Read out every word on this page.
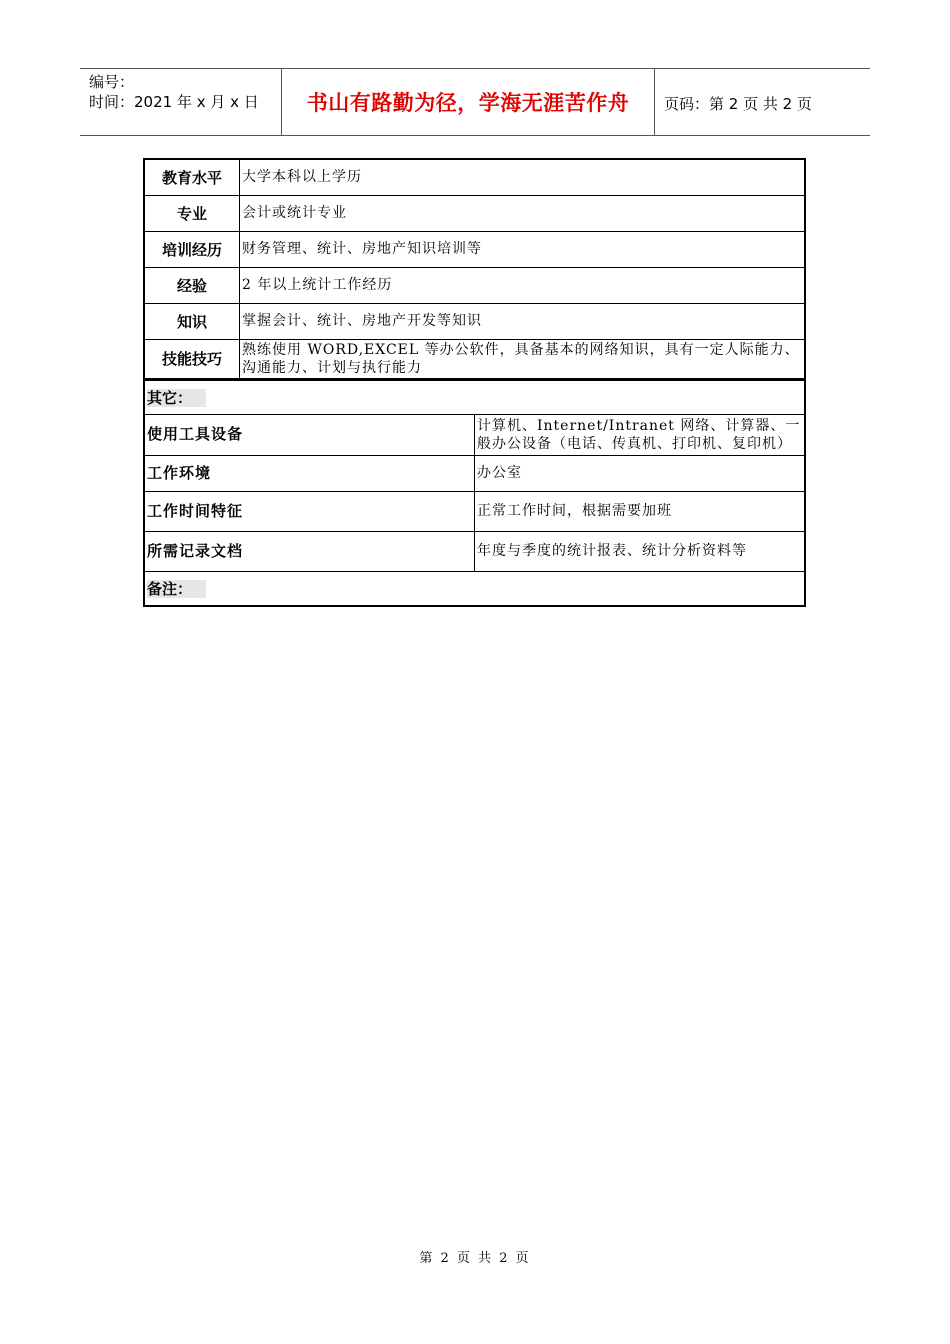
编号：
时间：2021 年 x 月 x 日	书山有路勤为径，学海无涯苦作舟	页码：第 2 页 共 2 页
教育水平	大学本科以上学历
专业	会计或统计专业
培训经历	财务管理、统计、房地产知识培训等
经验	2 年以上统计工作经历
知识	掌握会计、统计、房地产开发等知识
技能技巧	熟练使用 WORD,EXCEL 等办公软件，具备基本的网络知识，具有一定人际能力、沟通能力、计划与执行能力
其它：	
使用工具设备	计算机、Internet/Intranet 网络、计算器、一般办公设备（电话、传真机、打印机、复印机）
工作环境	办公室
工作时间特征	正常工作时间，根据需要加班
所需记录文档	年度与季度的统计报表、统计分析资料等
备注：	
第 2 页 共 2 页
